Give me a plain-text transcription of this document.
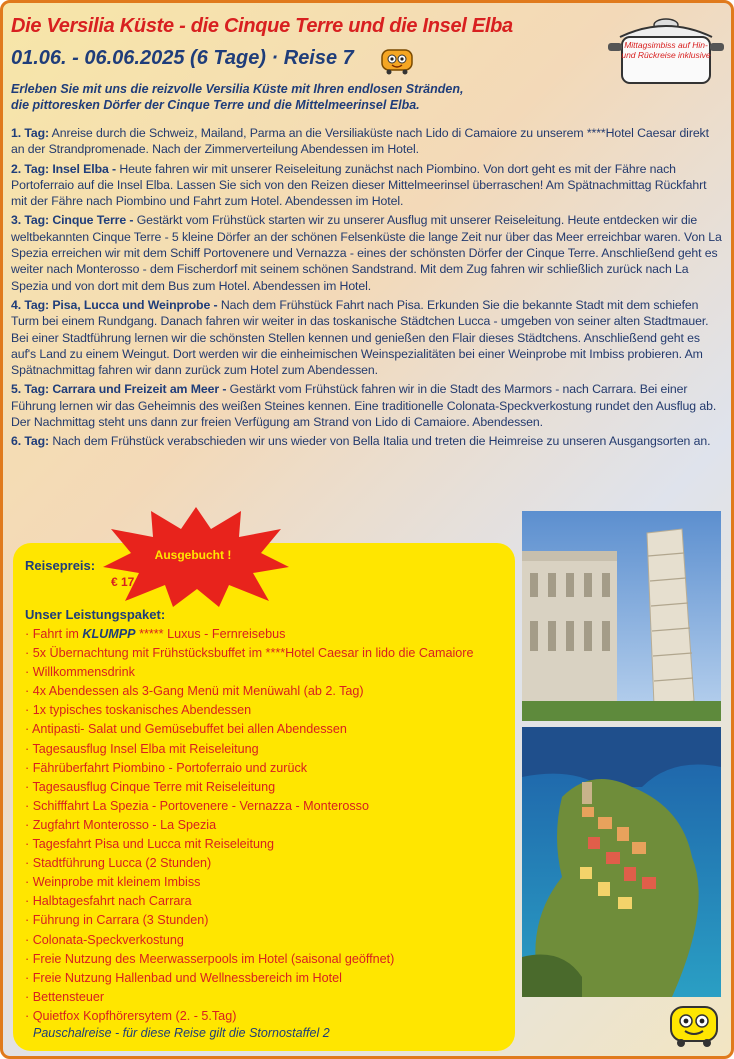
Die Versilia Küste - die Cinque Terre und die Insel Elba
01.06. - 06.06.2025 (6 Tage) · Reise 7
Mittagsimbiss auf Hin- und Rückreise inklusive
Erleben Sie mit uns die reizvolle Versilia Küste mit Ihren endlosen Stränden,
die pittoresken Dörfer der Cinque Terre und die Mittelmeerinsel Elba.

1. Tag: Anreise durch die Schweiz, Mailand, Parma an die Versiliaküste nach Lido di Camaiore zu unserem ****Hotel Caesar direkt an der Strandpromenade. Nach der Zimmerverteilung Abendessen im Hotel.

2. Tag: Insel Elba - Heute fahren wir mit unserer Reiseleitung zunächst nach Piombino. Von dort geht es mit der Fähre nach Portoferraio auf die Insel Elba. Lassen Sie sich von den Reizen dieser Mittelmeerinsel überraschen! Am Spätnachmittag Rückfahrt mit der Fähre nach Piombino und Fahrt zum Hotel. Abendessen im Hotel.

3. Tag: Cinque Terre - Gestärkt vom Frühstück starten wir zu unserer Ausflug mit unserer Reiseleitung. Heute entdecken wir die weltbekannten Cinque Terre - 5 kleine Dörfer an der schönen Felsenküste die lange Zeit nur über das Meer erreichbar waren. Von La Spezia erreichen wir mit dem Schiff Portovenere und Vernazza - eines der schönsten Dörfer der Cinque Terre. Anschließend geht es weiter nach Monterosso - dem Fischerdorf mit seinem schönen Sandstrand. Mit dem Zug fahren wir schließlich zurück nach La Spezia und von dort mit dem Bus zum Hotel. Abendessen im Hotel.

4. Tag: Pisa, Lucca und Weinprobe - Nach dem Frühstück Fahrt nach Pisa. Erkunden Sie die bekannte Stadt mit dem schiefen Turm bei einem Rundgang. Danach fahren wir weiter in das toskanische Städtchen Lucca - umgeben von seiner alten Stadtmauer. Bei einer Stadtführung lernen wir die schönsten Stellen kennen und genießen den Flair dieses Städtchens. Anschließend geht es auf's Land zu einem Weingut. Dort werden wir die einheimischen Weinspezialitäten bei einer Weinprobe mit Imbiss probieren. Am Spätnachmittag fahren wir dann zurück zum Hotel zum Abendessen.

5. Tag: Carrara und Freizeit am Meer - Gestärkt vom Frühstück fahren wir in die Stadt des Marmors - nach Carrara. Bei einer Führung lernen wir das Geheimnis des weißen Steines kennen. Eine traditionelle Colonata-Speckverkostung rundet den Ausflug ab. Der Nachmittag steht uns dann zur freien Verfügung am Strand von Lido di Camaiore. Abendessen.

6. Tag: Nach dem Frühstück verabschieden wir uns wieder von Bella Italia und treten die Heimreise zu unseren Ausgangsorten an.

Reisepreis:
€ 17
Ausgebucht !
Unser Leistungspaket:
· Fahrt im KLUMPP ***** Luxus - Fernreisebus
· 5x Übernachtung mit Frühstücksbuffet im ****Hotel Caesar in lido die Camaiore
· Willkommensdrink
· 4x Abendessen als 3-Gang Menü mit Menüwahl (ab 2. Tag)
· 1x typisches toskanisches Abendessen
· Antipasti- Salat und Gemüsebuffet bei allen Abendessen
· Tagesausflug Insel Elba mit Reiseleitung
· Fährüberfahrt Piombino - Portoferraio und zurück
· Tagesausflug Cinque Terre mit Reiseleitung
· Schifffahrt La Spezia - Portovenere - Vernazza - Monterosso
· Zugfahrt Monterosso - La Spezia
· Tagesfahrt Pisa und Lucca mit Reiseleitung
· Stadtführung Lucca (2 Stunden)
· Weinprobe mit kleinem Imbiss
· Halbtagesfahrt nach Carrara
· Führung in Carrara (3 Stunden)
· Colonata-Speckverkostung
· Freie Nutzung des Meerwasserpools im Hotel (saisonal geöffnet)
· Freie Nutzung Hallenbad und Wellnessbereich im Hotel
· Bettensteuer
· Quietfox Kopfhörersytem (2. - 5.Tag)
Pauschalreise - für diese Reise gilt die Stornostaffel 2
